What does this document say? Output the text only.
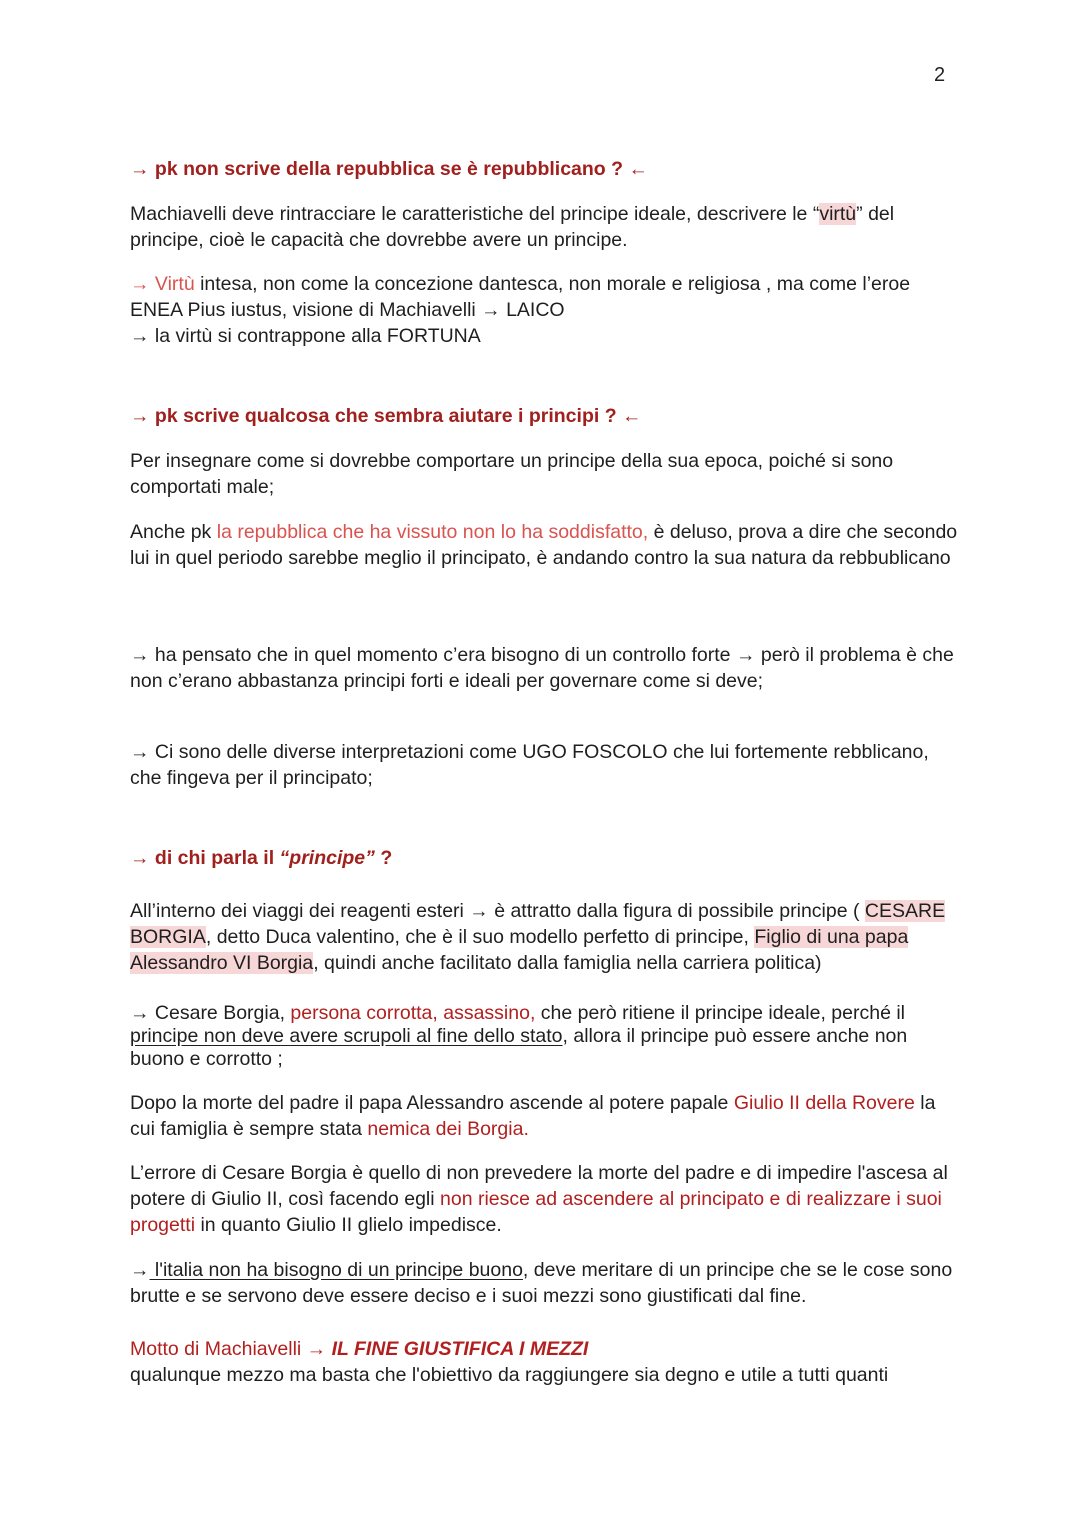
2
→ pk non scrive della repubblica se è repubblicano ? ←
Machiavelli deve rintracciare le caratteristiche del principe ideale, descrivere le “virtù” del principe, cioè le capacità che dovrebbe avere un principe.
→ Virtù intesa, non come la concezione dantesca, non morale e religiosa , ma come l’eroe ENEA Pius iustus, visione di Machiavelli → LAICO
→ la virtù si contrappone alla FORTUNA
→ pk scrive qualcosa che sembra aiutare i principi ? ←
Per insegnare come si dovrebbe comportare un principe della sua epoca, poiché si sono comportati male;
Anche pk la repubblica che ha vissuto non lo ha soddisfatto, è deluso, prova a dire che secondo lui in quel periodo sarebbe meglio il principato, è andando contro la sua natura da rebbublicano
→ ha pensato che in quel momento c’era bisogno di un controllo forte → però il problema è che non c’erano abbastanza principi forti e ideali per governare come si deve;
→ Ci sono delle diverse interpretazioni come UGO FOSCOLO che lui fortemente rebblicano, che fingeva per il principato;
→ di chi parla il “principe” ?
All’interno dei viaggi dei reagenti esteri → è attratto dalla figura di possibile principe ( CESARE BORGIA, detto Duca valentino, che è il suo modello perfetto di principe, Figlio di una papa Alessandro VI Borgia, quindi anche facilitato dalla famiglia nella carriera politica)
→ Cesare Borgia, persona corrotta, assassino, che però ritiene il principe ideale, perché il principe non deve avere scrupoli al fine dello stato, allora il principe può essere anche non buono e corrotto ;
Dopo la morte del padre il papa Alessandro ascende al potere papale Giulio II della Rovere la cui famiglia è sempre stata nemica dei Borgia.
L’errore di Cesare Borgia è quello di non prevedere la morte del padre e di impedire l'ascesa al potere di Giulio II, così facendo egli non riesce ad ascendere al principato e di realizzare i suoi progetti in quanto Giulio II glielo impedisce.
→ l'italia non ha bisogno di un principe buono, deve meritare di un principe che se le cose sono brutte e se servono deve essere deciso e i suoi mezzi sono giustificati dal fine.
Motto di Machiavelli → IL FINE GIUSTIFICA I MEZZI
qualunque mezzo ma basta che l'obiettivo da raggiungere sia degno e utile a tutti quanti
